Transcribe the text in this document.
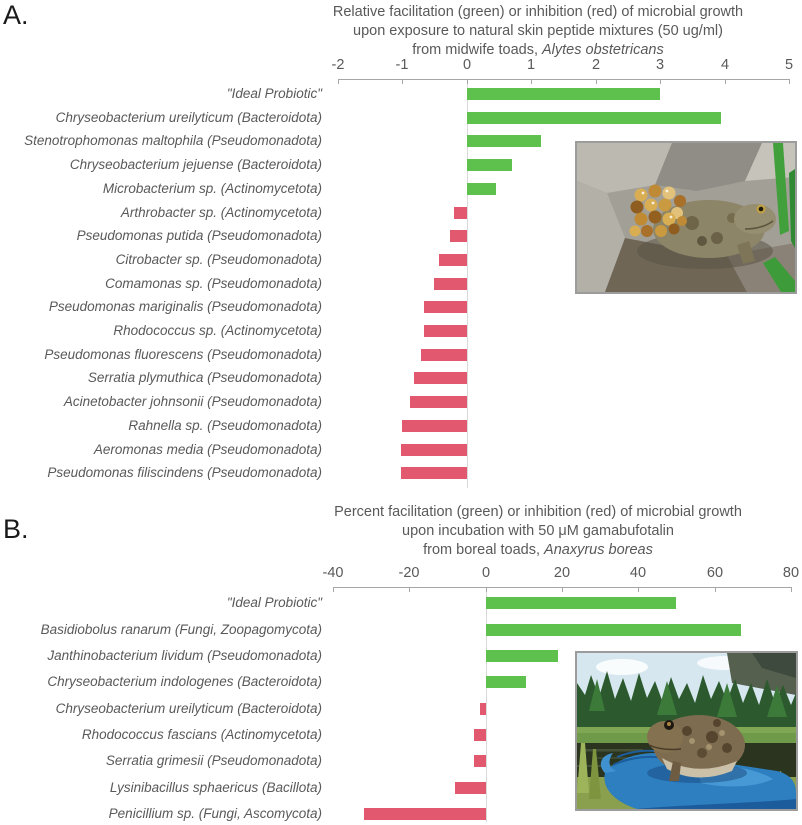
A.	Relative facilitation (green) or inhibition (red) of microbial growth
upon exposure to natural skin peptide mixtures (50 ug/ml)
from midwife toads, Alytes obstetricans
-2	-1	0	1	2	3	4	5
"Ideal Probiotic"
Chryseobacterium ureilyticum (Bacteroidota)
Stenotrophomonas maltophila (Pseudomonadota)
Chryseobacterium jejuense (Bacteroidota)
Microbacterium sp. (Actinomycetota)
Arthrobacter sp. (Actinomycetota)
Pseudomonas putida (Pseudomonadota)
Citrobacter sp. (Pseudomonadota)
Comamonas sp. (Pseudomonadota)
Pseudomonas mariginalis (Pseudomonadota)
Rhodococcus sp. (Actinomycetota)
Pseudomonas fluorescens (Pseudomonadota)
Serratia plymuthica (Pseudomonadota)
Acinetobacter johnsonii (Pseudomonadota)
Rahnella sp. (Pseudomonadota)
Aeromonas media (Pseudomonadota)
Pseudomonas filiscindens (Pseudomonadota)
B.
Percent facilitation (green) or inhibition (red) of microbial growth
upon incubation with 50 μM gamabufotalin
from boreal toads, Anaxyrus boreas
-40	-20	0	20	40	60	80
"Ideal Probiotic"
Basidiobolus ranarum (Fungi, Zoopagomycota)
Janthinobacterium lividum (Pseudomonadota)
Chryseobacterium indologenes (Bacteroidota)
Chryseobacterium ureilyticum (Bacteroidota)
Rhodococcus fascians (Actinomycetota)
Serratia grimesii (Pseudomonadota)
Lysinibacillus sphaericus (Bacillota)
Penicillium sp. (Fungi, Ascomycota)
